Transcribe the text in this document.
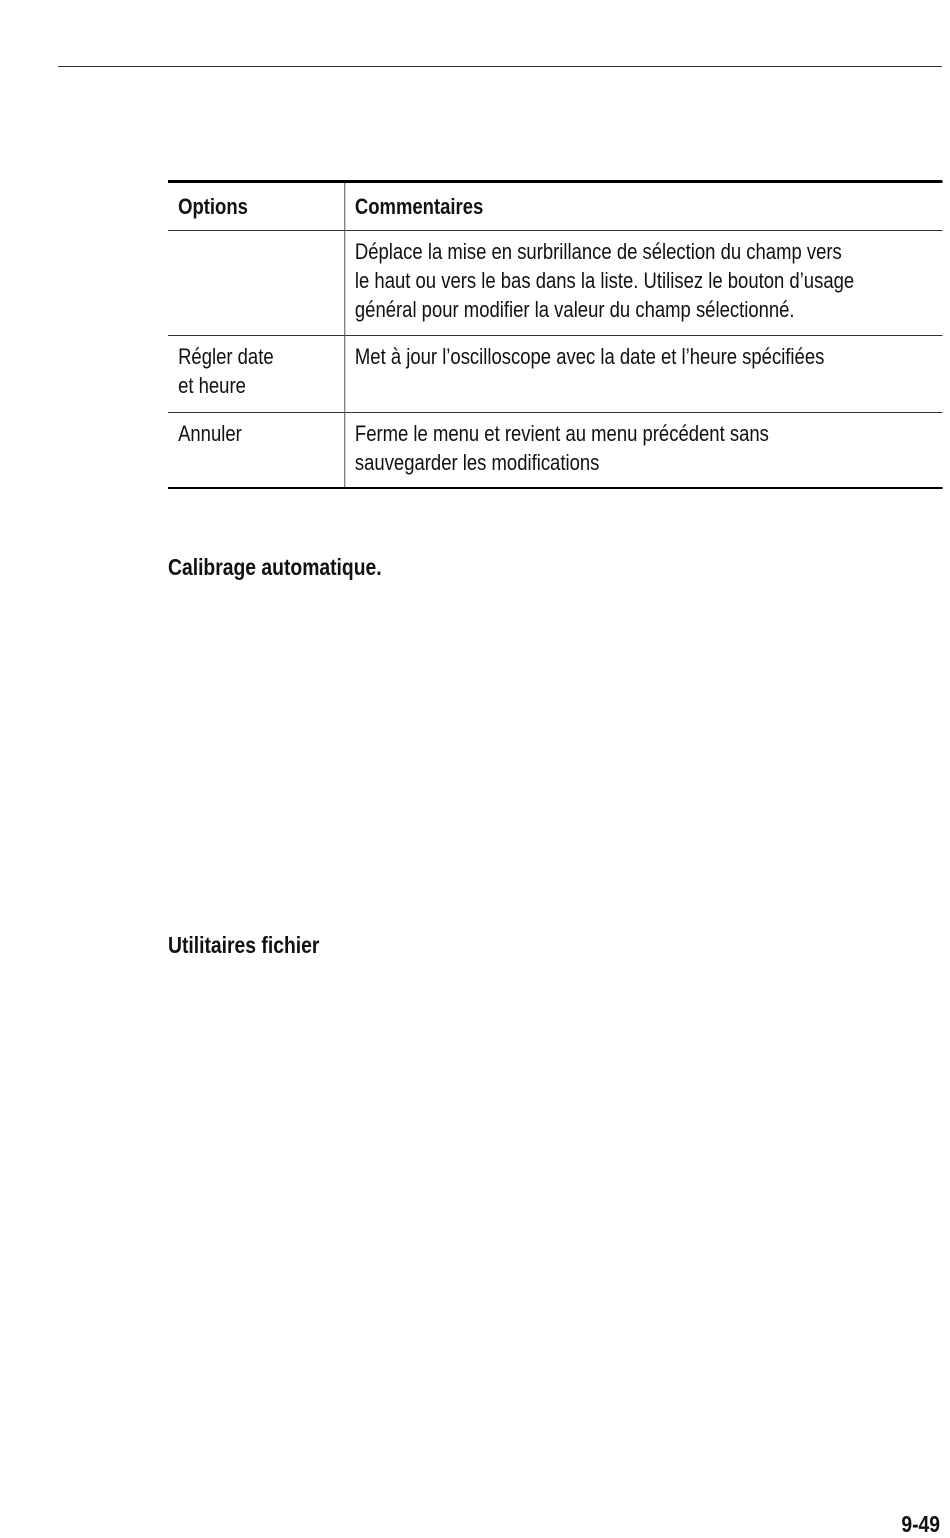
Options	Commentaires

	Déplace la mise en surbrillance de sélection du champ vers
le haut ou vers le bas dans la liste. Utilisez le bouton d’usage
général pour modifier la valeur du champ sélectionné.

Régler date
et heure	Met à jour l’oscilloscope avec la date et l’heure spécifiées

Annuler	Ferme le menu et revient au menu précédent sans
sauvegarder les modifications
Calibrage automatique.
Utilitaires fichier
9-49
